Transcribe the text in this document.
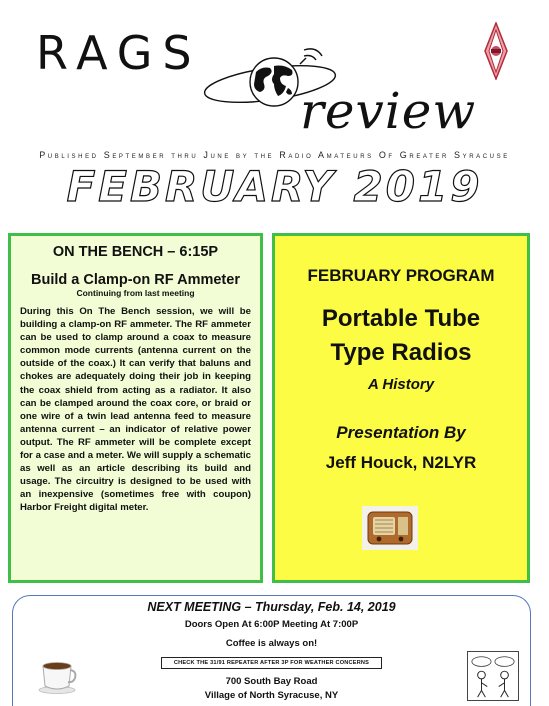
RAGS
review
Published September thru June by the Radio Amateurs Of Greater Syracuse
FEBRUARY 2019
ON THE BENCH – 6:15P
Build a Clamp-on RF Ammeter
Continuing from last meeting
During this On The Bench session, we will be building a clamp-on RF ammeter. The RF ammeter can be used to clamp around a coax to measure common mode currents (antenna current on the outside of the coax.) It can verify that baluns and chokes are adequately doing their job in keeping the coax shield from acting as a radiator. It also can be clamped around the coax core, or braid or one wire of a twin lead antenna feed to measure antenna current – an indicator of relative power output. The RF ammeter will be complete except for a case and a meter. We will supply a schematic as well as an article describing its build and usage. The circuitry is designed to be used with an inexpensive (sometimes free with coupon) Harbor Freight digital meter.
FEBRUARY PROGRAM
Portable Tube
Type Radios
A History
Presentation By
Jeff Houck, N2LYR
NEXT MEETING – Thursday, Feb. 14, 2019
Doors Open At 6:00P Meeting At 7:00P
Coffee is always on!
CHECK THE 31/91 REPEATER AFTER 3P FOR WEATHER CONCERNS
700 South Bay Road
Village of North Syracuse, NY
